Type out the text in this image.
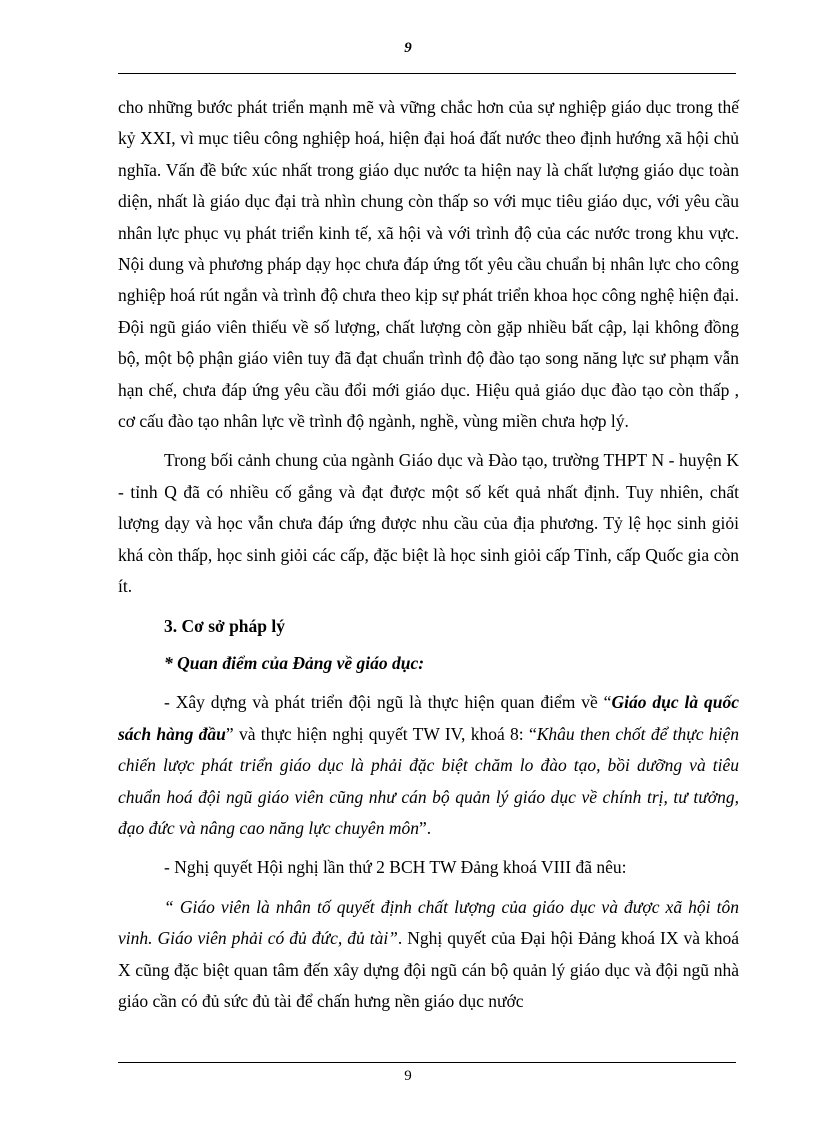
9

cho những bước phát triển mạnh mẽ và vững chắc hơn của sự nghiệp giáo dục trong thế kỷ XXI, vì mục tiêu công nghiệp hoá, hiện đại hoá đất nước theo định hướng xã hội chủ nghĩa. Vấn đề bức xúc nhất trong giáo dục nước ta hiện nay là chất lượng giáo dục toàn diện, nhất là giáo dục đại trà nhìn chung còn thấp so với mục tiêu giáo dục, với yêu cầu nhân lực phục vụ phát triển kinh tế, xã hội và với trình độ của các nước trong khu vực. Nội dung và phương pháp dạy học chưa đáp ứng tốt yêu cầu chuẩn bị nhân lực cho công nghiệp hoá rút ngắn và trình độ chưa theo kịp sự phát triển khoa học công nghệ hiện đại. Đội ngũ giáo viên thiếu về số lượng, chất lượng còn gặp nhiều bất cập, lại không đồng bộ, một bộ phận giáo viên tuy đã đạt chuẩn trình độ đào tạo song năng lực sư phạm vẫn hạn chế, chưa đáp ứng yêu cầu đổi mới giáo dục. Hiệu quả giáo dục đào tạo còn thấp , cơ cấu đào tạo nhân lực về trình độ ngành, nghề, vùng miền chưa hợp lý.

Trong bối cảnh chung của ngành Giáo dục và Đào tạo, trường THPT N - huyện K - tỉnh Q đã có nhiều cố gắng và đạt được một số kết quả nhất định. Tuy nhiên, chất lượng dạy và học vẫn chưa đáp ứng được nhu cầu của địa phương. Tỷ lệ học sinh giỏi khá còn thấp, học sinh giỏi các cấp, đặc biệt là học sinh giỏi cấp Tỉnh, cấp Quốc gia còn ít.

3. Cơ sở pháp lý

* Quan điểm của Đảng về giáo dục:

- Xây dựng và phát triển đội ngũ là thực hiện quan điểm về “Giáo dục là quốc sách hàng đầu” và thực hiện nghị quyết TW IV, khoá 8: “Khâu then chốt để thực hiện chiến lược phát triển giáo dục là phải đặc biệt chăm lo đào tạo, bồi dưỡng và tiêu chuẩn hoá đội ngũ giáo viên cũng như cán bộ quản lý giáo dục về chính trị, tư tưởng, đạo đức và nâng cao năng lực chuyên môn”.

- Nghị quyết Hội nghị lần thứ 2 BCH TW Đảng khoá VIII đã nêu:

“ Giáo viên là nhân tố quyết định chất lượng của giáo dục và được xã hội tôn vinh. Giáo viên phải có đủ đức, đủ tài”. Nghị quyết của Đại hội Đảng khoá IX và khoá X cũng đặc biệt quan tâm đến xây dựng đội ngũ cán bộ quản lý giáo dục và đội ngũ nhà giáo cần có đủ sức đủ tài để chấn hưng nền giáo dục nước

9
